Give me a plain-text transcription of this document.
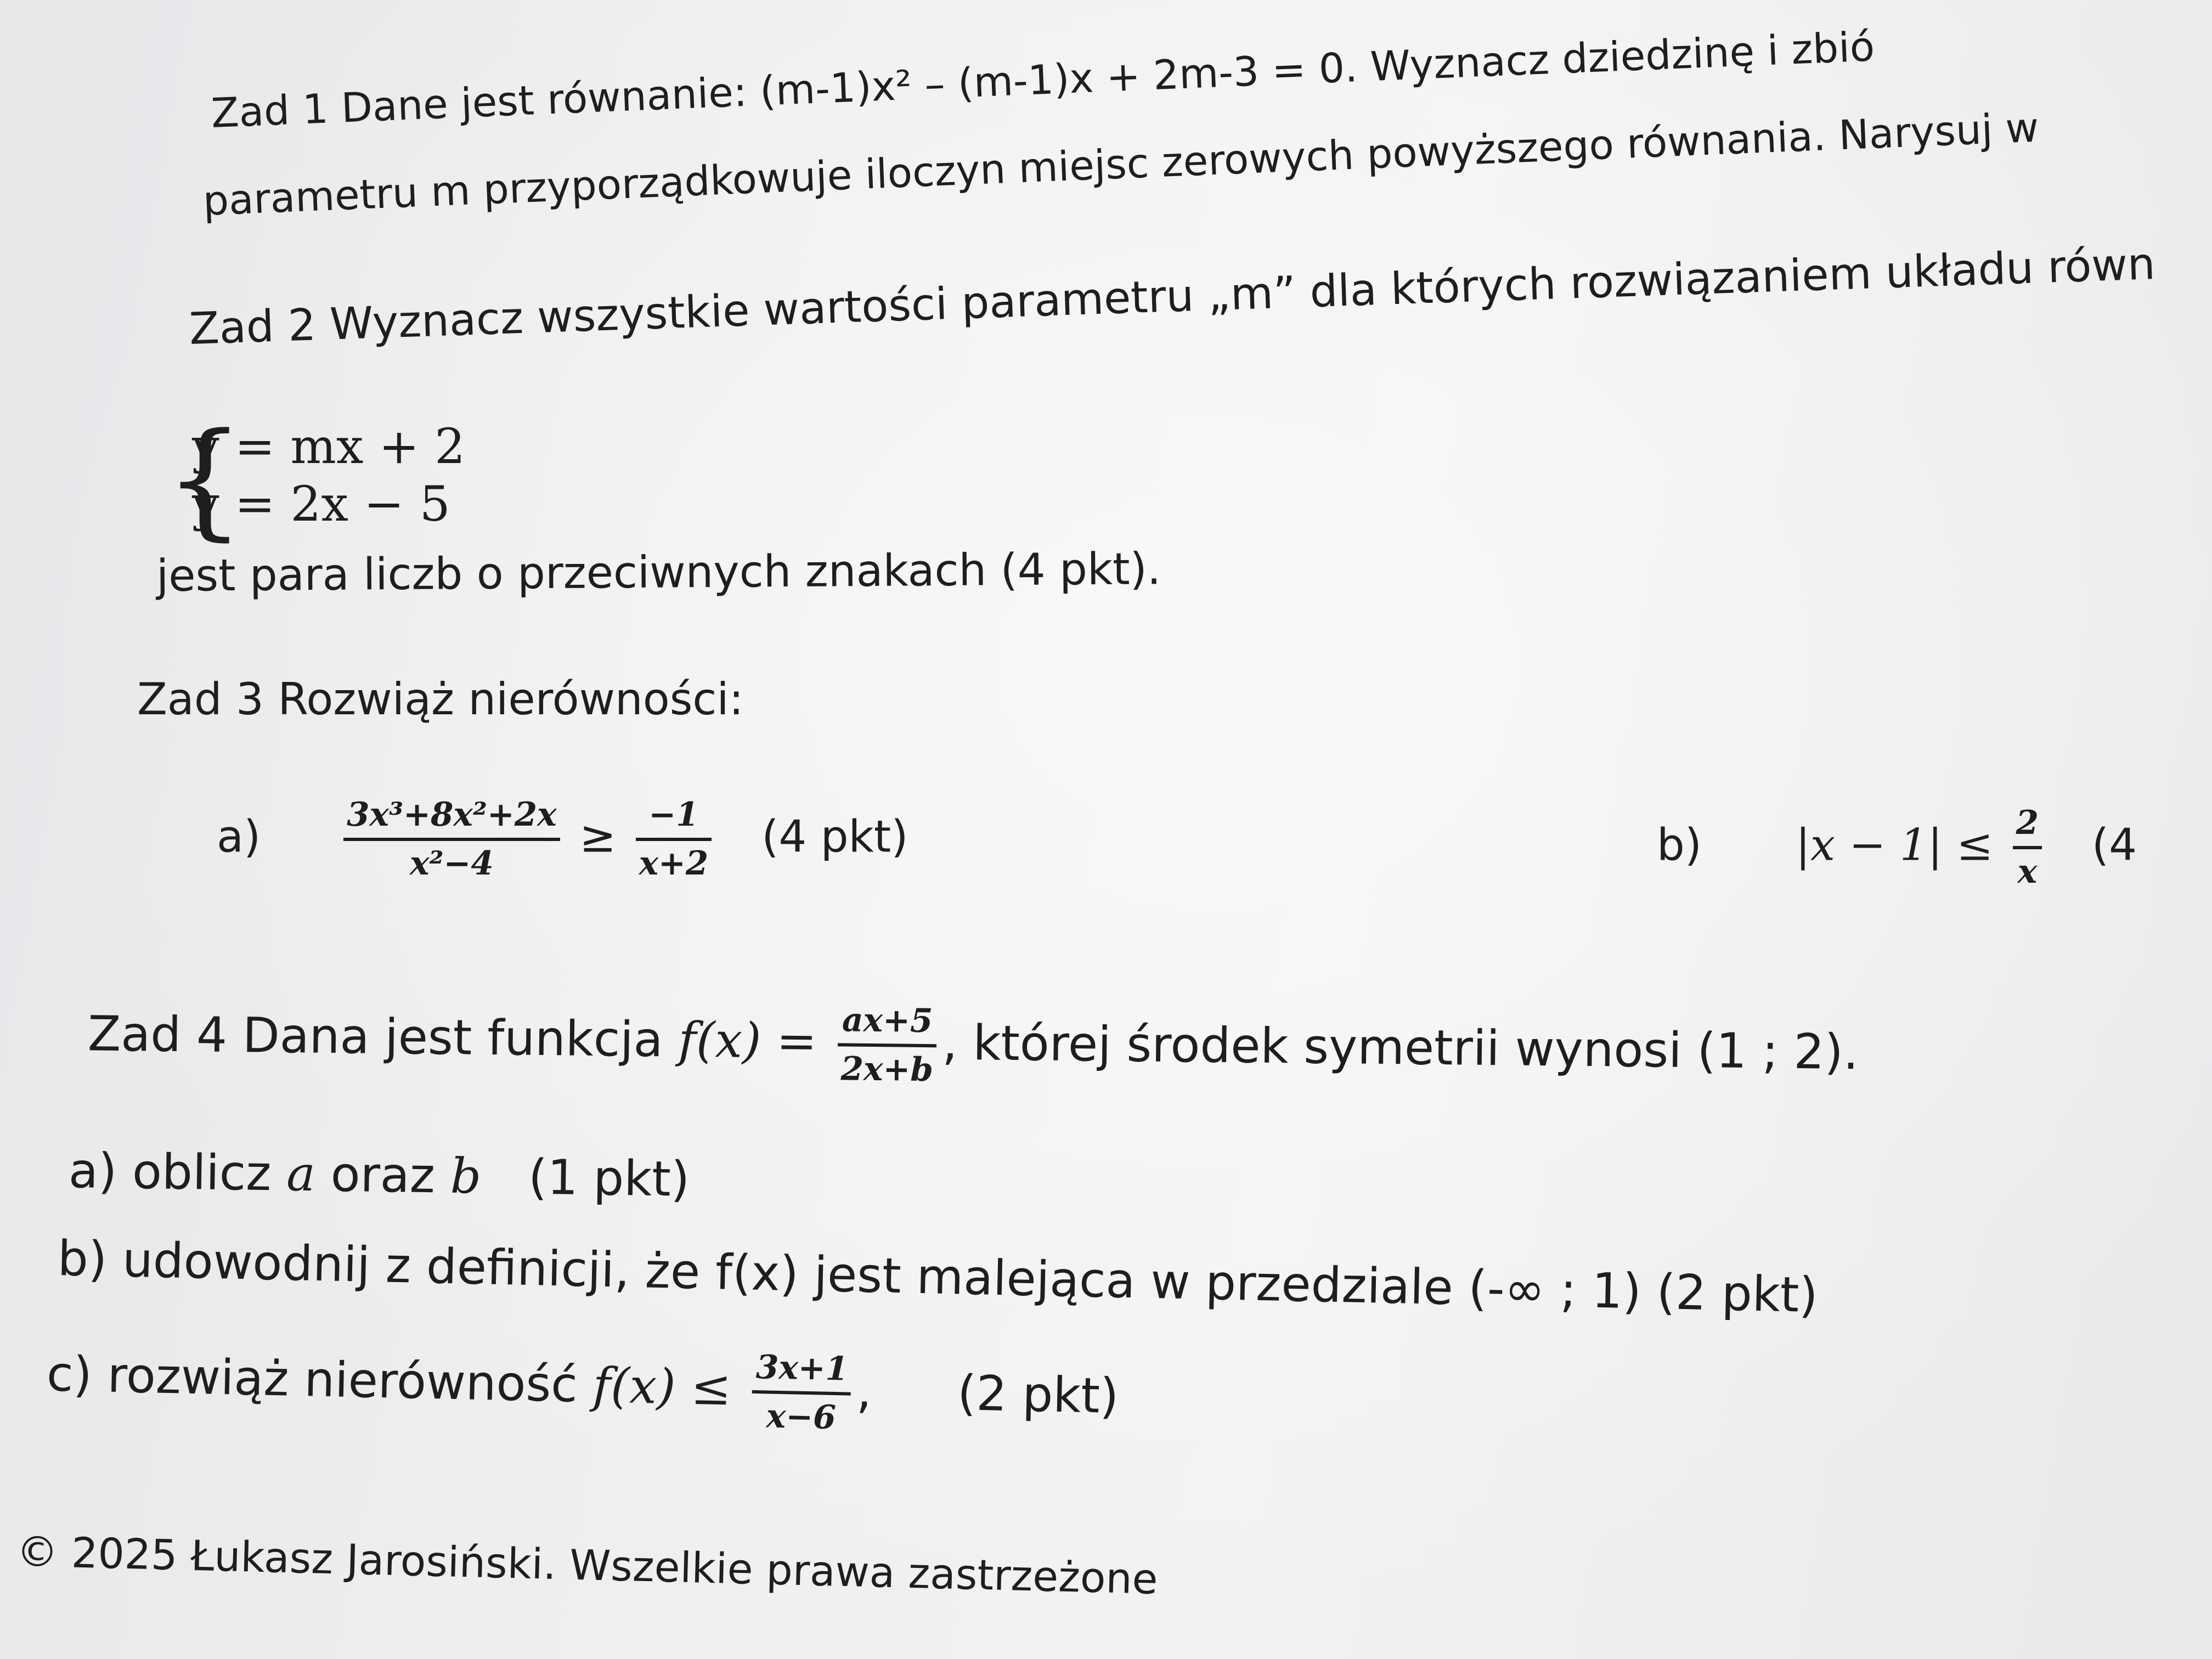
Zad 1 Dane jest równanie: (m-1)x² – (m-1)x + 2m-3 = 0. Wyznacz dziedzinę i zbió
parametru m przyporządkowuje iloczyn miejsc zerowych powyższego równania. Narysuj w
Zad 2 Wyznacz wszystkie wartości parametru „m” dla których rozwiązaniem układu równ
{
y = mx + 2
y = 2x − 5
jest para liczb o przeciwnych znakach (4 pkt).
Zad 3 Rozwiąż nierówności:
a)	3x³+8x²+2x
x²−4
≥ −1
x+2
(4 pkt)	b) |x − 1| ≤ 2
x
(4
Zad 4 Dana jest funkcja f(x) = ax+5
2x+b , której środek symetrii wynosi (1 ; 2).
a) oblicz a oraz b (1 pkt)
b) udowodnij z definicji, że f(x) jest malejąca w przedziale (-∞ ; 1) (2 pkt)
c) rozwiąż nierówność f(x) ≤ 3x+1
x−6 , (2 pkt)
© 2025 Łukasz Jarosiński. Wszelkie prawa zastrzeżone
